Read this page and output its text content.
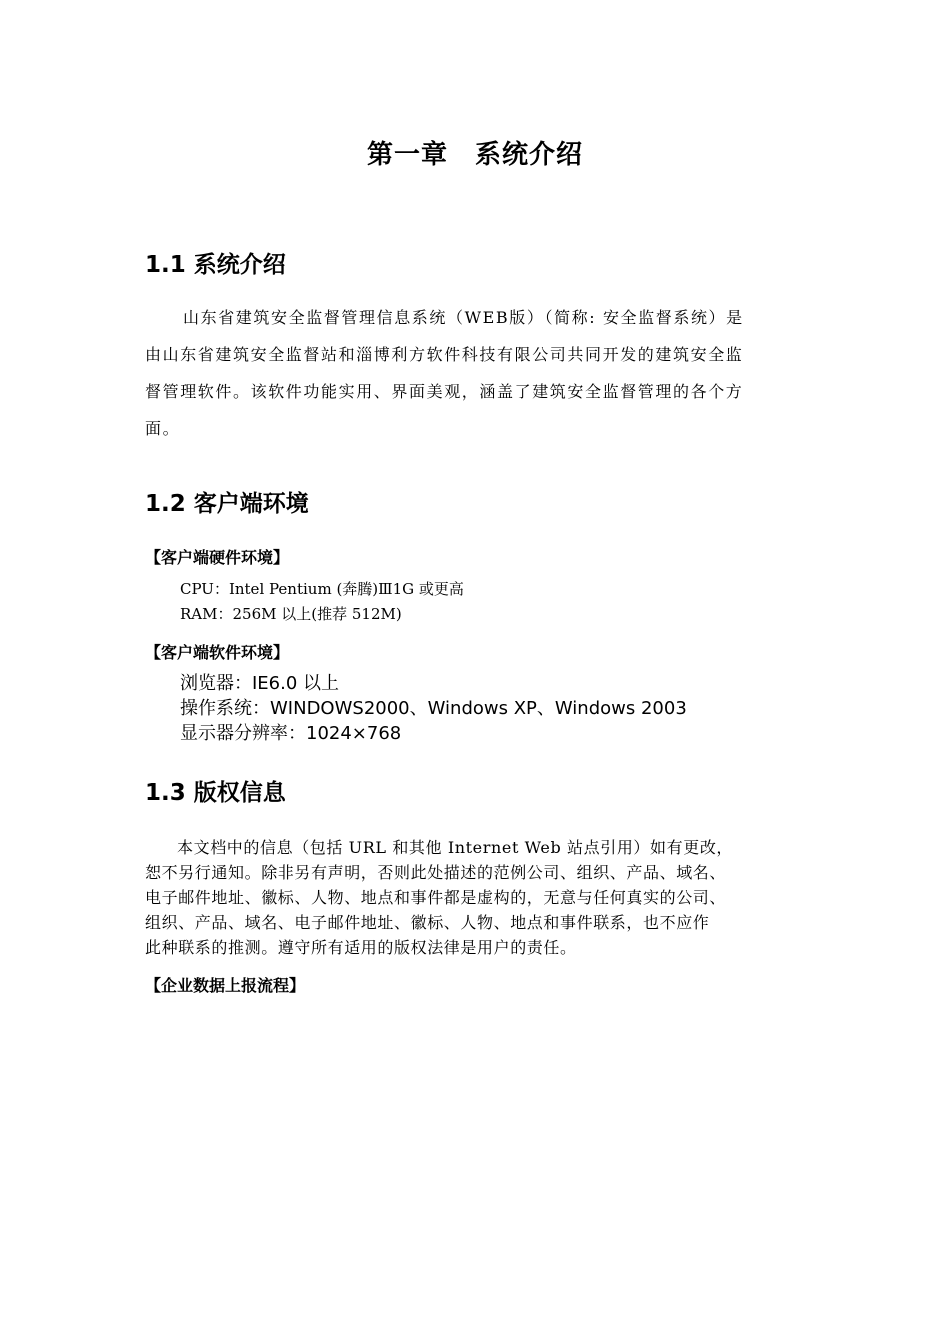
第一章　系统介绍
1.1 系统介绍
山东省建筑安全监督管理信息系统（WEB版）（简称: 安全监督系统）是
由山东省建筑安全监督站和淄博利方软件科技有限公司共同开发的建筑安全监
督管理软件。该软件功能实用、界面美观，涵盖了建筑安全监督管理的各个方
面。
1.2 客户端环境
【客户端硬件环境】
CPU：Intel Pentium (奔腾)Ⅲ1G 或更高
RAM：256M 以上(推荐 512M)
【客户端软件环境】
浏览器：IE6.0 以上
操作系统：WINDOWS2000、Windows XP、Windows 2003
显示器分辨率：1024×768
1.3 版权信息
本文档中的信息（包括 URL 和其他 Internet Web 站点引用）如有更改，
恕不另行通知。除非另有声明，否则此处描述的范例公司、组织、产品、域名、
电子邮件地址、徽标、人物、地点和事件都是虚构的，无意与任何真实的公司、
组织、产品、域名、电子邮件地址、徽标、人物、地点和事件联系，也不应作
此种联系的推测。遵守所有适用的版权法律是用户的责任。
【企业数据上报流程】
